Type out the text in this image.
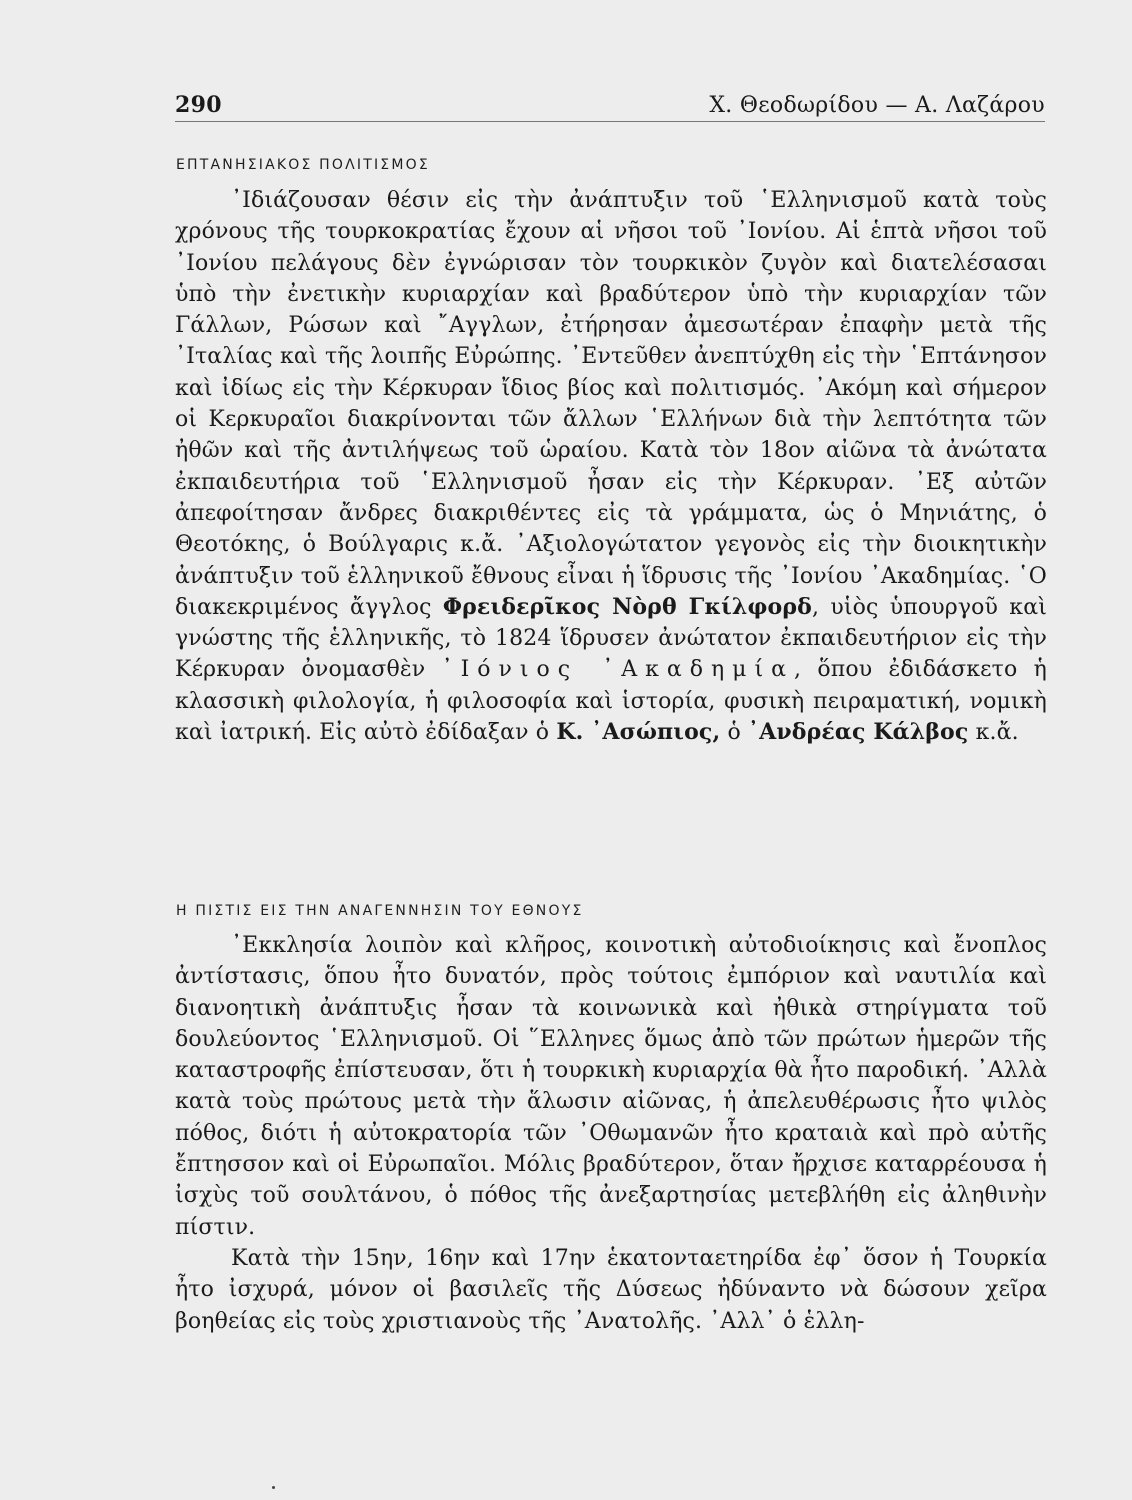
290	Χ. Θεοδωρίδου — Α. Λαζάρου
ΕΠΤΑΝΗΣΙΑΚΟΣ ΠΟΛΙΤΙΣΜΟΣ

᾿Ιδιάζουσαν θέσιν εἰς τὴν ἀνάπτυξιν τοῦ ῾Ελληνισμοῦ κατὰ τοὺς χρόνους τῆς τουρκοκρατίας ἔχουν αἱ νῆσοι τοῦ ᾿Ιονίου. Αἱ ἑπτὰ νῆσοι τοῦ ᾿Ιονίου πελάγους δὲν ἐγνώρισαν τὸν τουρκικὸν ζυγὸν καὶ διατελέσασαι ὑπὸ τὴν ἐνετικὴν κυριαρχίαν καὶ βραδύτερον ὑπὸ τὴν κυριαρχίαν τῶν Γάλλων, Ρώσων καὶ ῎Αγγλων, ἐτήρησαν ἀμεσωτέραν ἐπαφὴν μετὰ τῆς ᾿Ιταλίας καὶ τῆς λοιπῆς Εὐρώπης. ᾿Εντεῦθεν ἀνεπτύχθη εἰς τὴν ῾Επτάνησον καὶ ἰδίως εἰς τὴν Κέρκυραν ἴδιος βίος καὶ πολιτισμός. ᾿Ακόμη καὶ σήμερον οἱ Κερκυραῖοι διακρίνονται τῶν ἄλλων ῾Ελλήνων διὰ τὴν λεπτότητα τῶν ἠθῶν καὶ τῆς ἀντιλήψεως τοῦ ὡραίου. Κατὰ τὸν 18ον αἰῶνα τὰ ἀνώτατα ἐκπαιδευτήρια τοῦ ῾Ελληνισμοῦ ἦσαν εἰς τὴν Κέρκυραν. ᾿Εξ αὐτῶν ἀπεφοίτησαν ἄνδρες διακριθέντες εἰς τὰ γράμματα, ὡς ὁ Μηνιάτης, ὁ Θεοτόκης, ὁ Βούλγαρις κ.ἄ. ᾿Αξιολογώτατον γεγονὸς εἰς τὴν διοικητικὴν ἀνάπτυξιν τοῦ ἑλληνικοῦ ἔθνους εἶναι ἡ ἵδρυσις τῆς ᾿Ιονίου ᾿Ακαδημίας. ῾Ο διακεκριμένος ἄγγλος Φρειδερῖκος Νὸρθ Γκίλφορδ, υἱὸς ὑπουργοῦ καὶ γνώστης τῆς ἑλληνικῆς, τὸ 1824 ἵδρυσεν ἀνώτατον ἐκπαιδευτήριον εἰς τὴν Κέρκυραν ὀνομασθὲν ᾿Ιόνιος ᾿Ακαδημία, ὅπου ἐδιδάσκετο ἡ κλασσικὴ φιλολογία, ἡ φιλοσοφία καὶ ἱστορία, φυσικὴ πειραματική, νομικὴ καὶ ἰατρική. Εἰς αὐτὸ ἐδίδαξαν ὁ Κ. ᾿Ασώπιος, ὁ ᾿Ανδρέας Κάλβος κ.ἄ.

Η ΠΙΣΤΙΣ ΕΙΣ ΤΗΝ ΑΝΑΓΕΝΝΗΣΙΝ ΤΟΥ ΕΘΝΟΥΣ

᾿Εκκλησία λοιπὸν καὶ κλῆρος, κοινοτικὴ αὐτοδιοίκησις καὶ ἔνοπλος ἀντίστασις, ὅπου ἦτο δυνατόν, πρὸς τούτοις ἐμπόριον καὶ ναυτιλία καὶ διανοητικὴ ἀνάπτυξις ἦσαν τὰ κοινωνικὰ καὶ ἠθικὰ στηρίγματα τοῦ δουλεύοντος ῾Ελληνισμοῦ. Οἱ ῞Ελληνες ὅμως ἀπὸ τῶν πρώτων ἡμερῶν τῆς καταστροφῆς ἐπίστευσαν, ὅτι ἡ τουρκικὴ κυριαρχία θὰ ἦτο παροδική. ᾿Αλλὰ κατὰ τοὺς πρώτους μετὰ τὴν ἅλωσιν αἰῶνας, ἡ ἀπελευθέρωσις ἦτο ψιλὸς πόθος, διότι ἡ αὐτοκρατορία τῶν ᾿Οθωμανῶν ἦτο κραταιὰ καὶ πρὸ αὐτῆς ἔπτησσον καὶ οἱ Εὐρωπαῖοι. Μόλις βραδύτερον, ὅταν ἤρχισε καταρρέουσα ἡ ἰσχὺς τοῦ σουλτάνου, ὁ πόθος τῆς ἀνεξαρτησίας μετεβλήθη εἰς ἀληθινὴν πίστιν.

Κατὰ τὴν 15ην, 16ην καὶ 17ην ἑκατονταετηρίδα ἐφ᾿ ὅσον ἡ Τουρκία ἦτο ἰσχυρά, μόνον οἱ βασιλεῖς τῆς Δύσεως ἠδύναντο νὰ δώσουν χεῖρα βοηθείας εἰς τοὺς χριστιανοὺς τῆς ᾿Ανατολῆς. ᾿Αλλ᾿ ὁ ἑλλη-
